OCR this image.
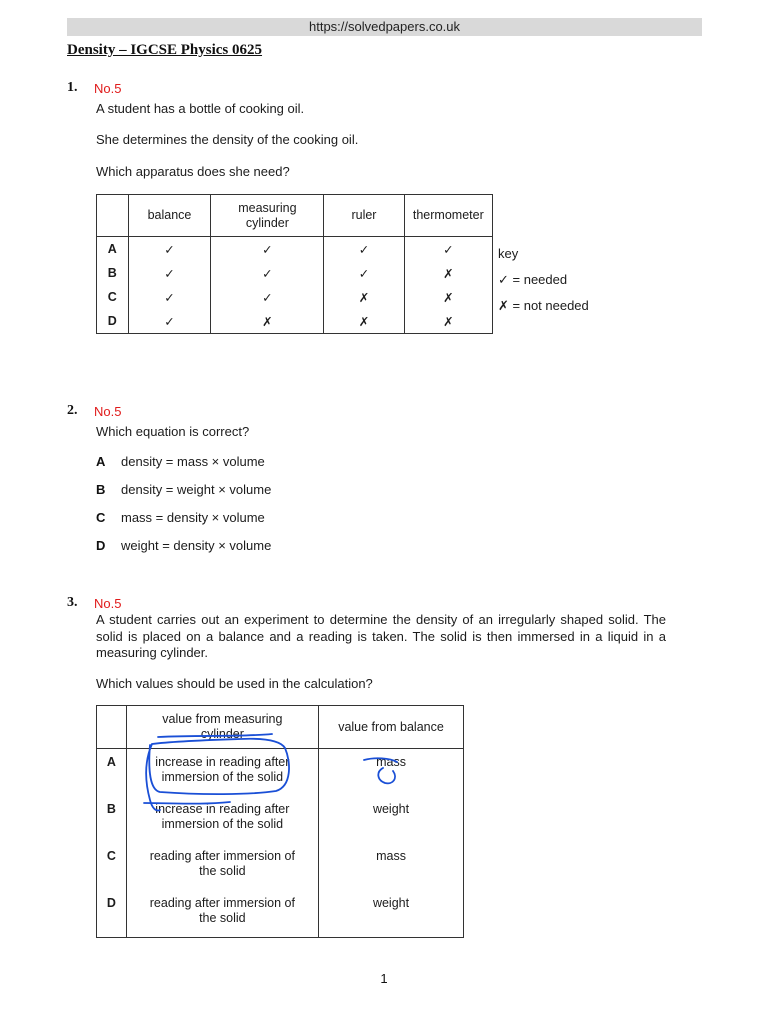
https://solvedpapers.co.uk
Density – IGCSE Physics 0625
1. No.5
A student has a bottle of cooking oil.
She determines the density of the cooking oil.
Which apparatus does she need?
	balance	measuring cylinder	ruler	thermometer
A	✓	✓	✓	✓
B	✓	✓	✓	✗
C	✓	✓	✗	✗
D	✓	✗	✗	✗
key
✓ = needed
✗ = not needed
2. No.5
Which equation is correct?
A density = mass × volume
B density = weight × volume
C mass = density × volume
D weight = density × volume
3. No.5
A student carries out an experiment to determine the density of an irregularly shaped solid. The solid is placed on a balance and a reading is taken. The solid is then immersed in a liquid in a measuring cylinder.
Which values should be used in the calculation?
	value from measuring cylinder	value from balance
A	increase in reading after immersion of the solid	mass
B	increase in reading after immersion of the solid	weight
C	reading after immersion of the solid	mass
D	reading after immersion of the solid	weight
1
